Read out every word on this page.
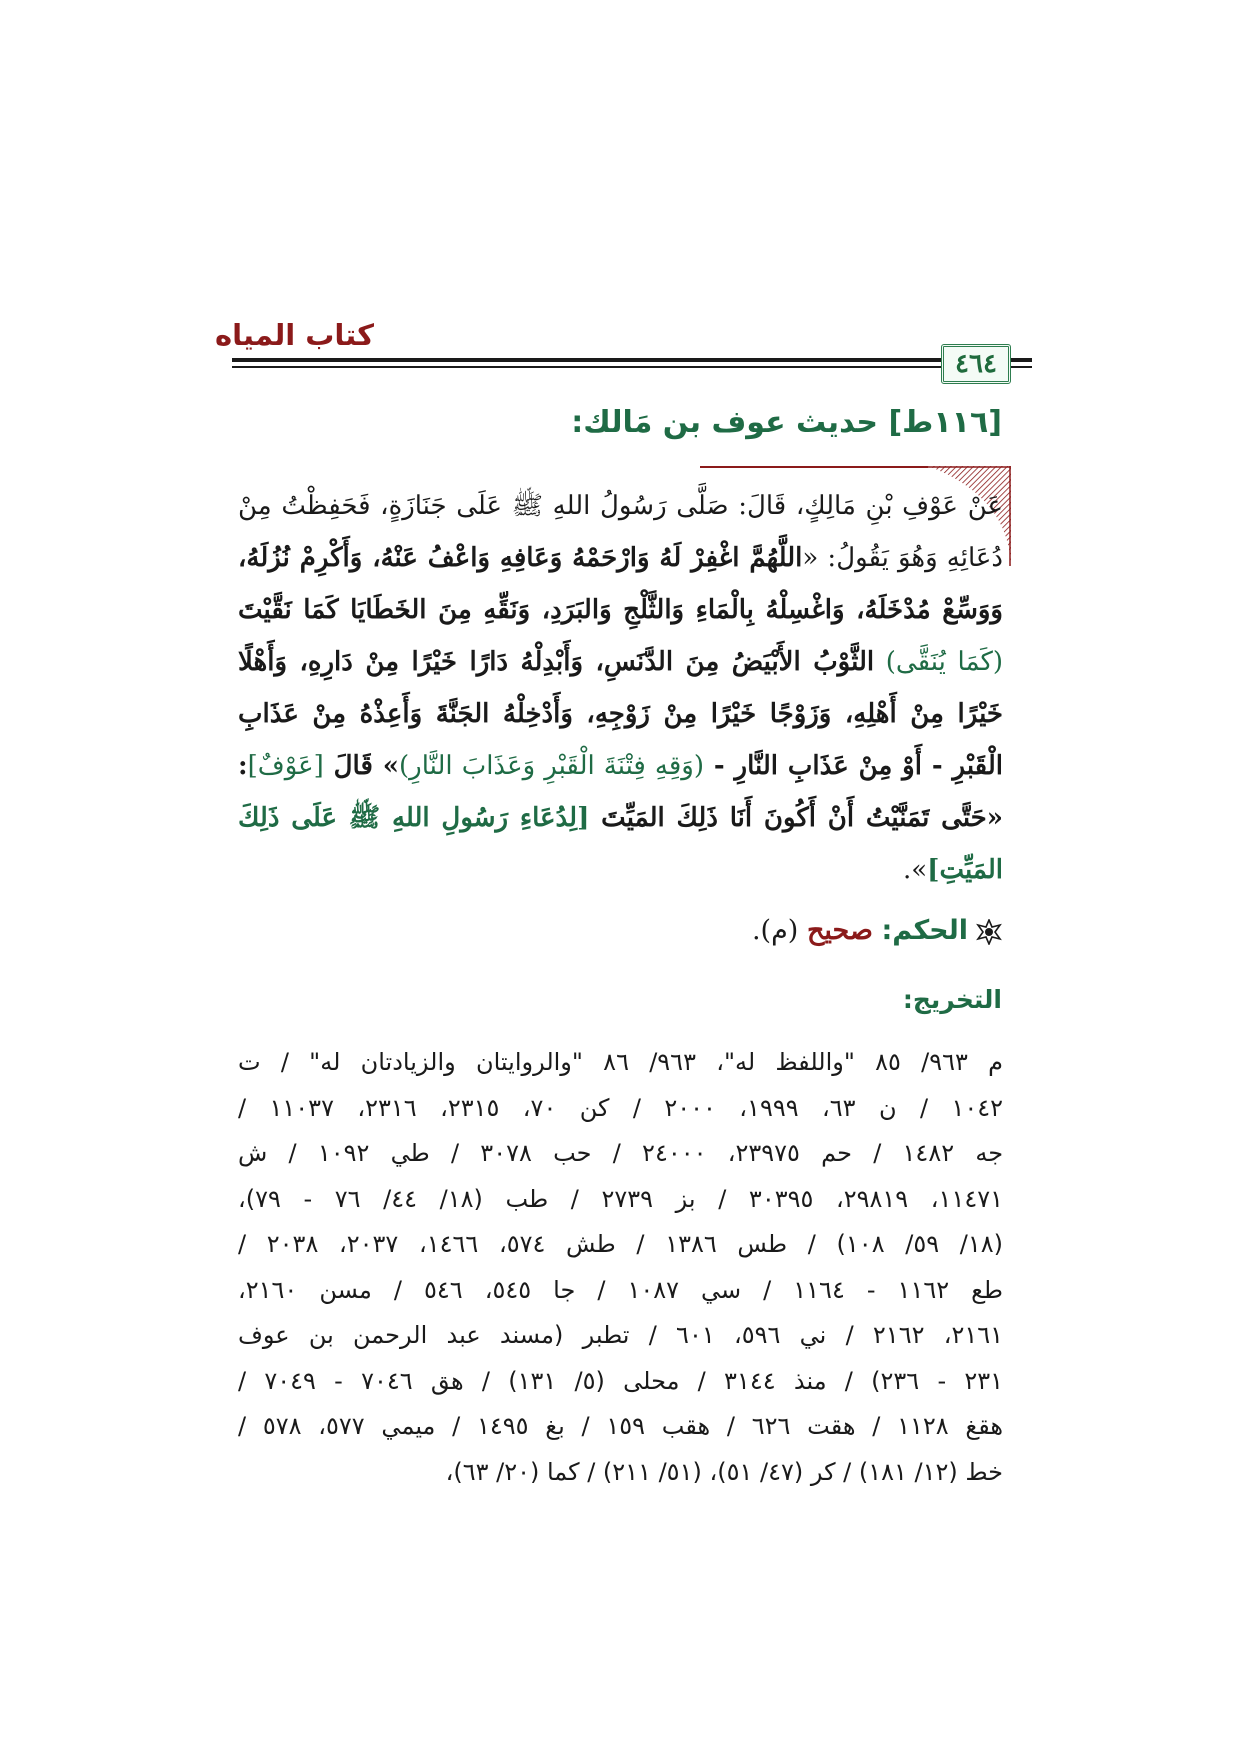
كتاب المياه
٤٦٤
[١١٦ط] حديث عوف بن مَالك:
عَنْ عَوْفِ بْنِ مَالِكٍ، قَالَ: صَلَّى رَسُولُ اللهِ ﷺ عَلَى جَنَازَةٍ، فَحَفِظْتُ مِنْ دُعَائِهِ وَهُوَ يَقُولُ: «اللَّهُمَّ اغْفِرْ لَهُ وَارْحَمْهُ وَعَافِهِ وَاعْفُ عَنْهُ، وَأَكْرِمْ نُزُلَهُ، وَوَسِّعْ مُدْخَلَهُ، وَاغْسِلْهُ بِالْمَاءِ وَالثَّلْجِ وَالبَرَدِ، وَنَقِّهِ مِنَ الخَطَايَا كَمَا نَقَّيْتَ (كَمَا يُنَقَّى) الثَّوْبُ الأَبْيَضُ مِنَ الدَّنَسِ، وَأَبْدِلْهُ دَارًا خَيْرًا مِنْ دَارِهِ، وَأَهْلًا خَيْرًا مِنْ أَهْلِهِ، وَزَوْجًا خَيْرًا مِنْ زَوْجِهِ، وَأَدْخِلْهُ الجَنَّةَ وَأَعِذْهُ مِنْ عَذَابِ الْقَبْرِ - أَوْ مِنْ عَذَابِ النَّارِ - (وَقِهِ فِتْنَةَ الْقَبْرِ وَعَذَابَ النَّارِ)» قَالَ [عَوْفٌ]: «حَتَّى تَمَنَّيْتُ أَنْ أَكُونَ أَنَا ذَلِكَ المَيِّتَ [لِدُعَاءِ رَسُولِ اللهِ ﷺ عَلَى ذَلِكَ المَيِّتِ]».
الحكم: صحيح (م).
التخريج:
م ٩٦٣/ ٨٥ "واللفظ له"، ٩٦٣/ ٨٦ "والروايتان والزيادتان له" / ت
١٠٤٢ / ن ٦٣، ١٩٩٩، ٢٠٠٠ / كن ٧٠، ٢٣١٥، ٢٣١٦، ١١٠٣٧ /
جه ١٤٨٢ / حم ٢٣٩٧٥، ٢٤٠٠٠ / حب ٣٠٧٨ / طي ١٠٩٢ / ش
١١٤٧١، ٢٩٨١٩، ٣٠٣٩٥ / بز ٢٧٣٩ / طب (١٨/ ٤٤/ ٧٦ - ٧٩)،
(١٨/ ٥٩/ ١٠٨) / طس ١٣٨٦ / طش ٥٧٤، ١٤٦٦، ٢٠٣٧، ٢٠٣٨ /
طع ١١٦٢ - ١١٦٤ / سي ١٠٨٧ / جا ٥٤٥، ٥٤٦ / مسن ٢١٦٠،
٢١٦١، ٢١٦٢ / ني ٥٩٦، ٦٠١ / تطبر (مسند عبد الرحمن بن عوف
٢٣١ - ٢٣٦) / منذ ٣١٤٤ / محلى (٥/ ١٣١) / هق ٧٠٤٦ - ٧٠٤٩ /
هقغ ١١٢٨ / هقت ٦٢٦ / هقب ١٥٩ / بغ ١٤٩٥ / ميمي ٥٧٧، ٥٧٨ /
خط (١٢/ ١٨١) / كر (٤٧/ ٥١)، (٥١/ ٢١١) / كما (٢٠/ ٦٣)،
